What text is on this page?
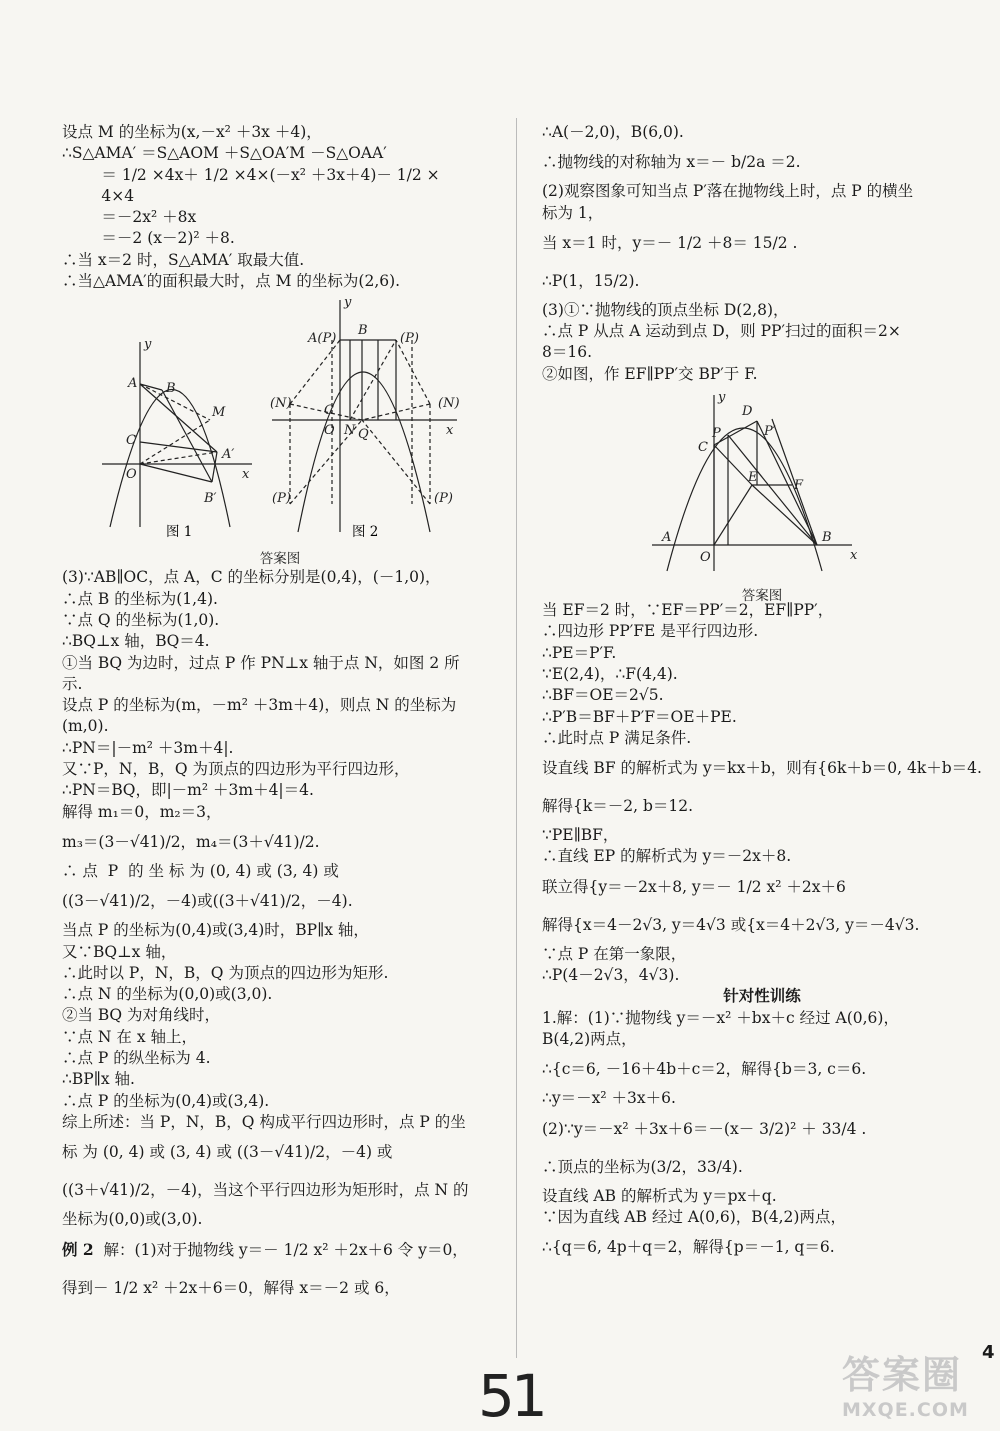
设点 M 的坐标为(x,－x² ＋3x ＋4)，
∴S△AMA′ ＝S△AOM ＋S△OA′M －S△OAA′
＝ 1/2 ×4x＋ 1/2 ×4×(－x² ＋3x＋4)－ 1/2 ×
4×4
＝－2x² ＋8x
＝－2 (x－2)² ＋8.
∴当 x＝2 时，S△AMA′ 取最大值.
∴当△AMA′的面积最大时，点 M 的坐标为(2,6).
y
A B
M
C
O
A′
x
B′
y
A(P)
B
(P)
(N)	(N)
C
O N Q	x
(P)	(P)
图 1	图 2
答案图
(3)∵AB∥OC，点 A，C 的坐标分别是(0,4)，(－1,0)，
∴点 B 的坐标为(1,4).
∵点 Q 的坐标为(1,0).
∴BQ⊥x 轴，BQ＝4.
①当 BQ 为边时，过点 P 作 PN⊥x 轴于点 N，如图 2 所
示.
设点 P 的坐标为(m，－m² ＋3m＋4)，则点 N 的坐标为
(m,0).
∴PN＝|－m² ＋3m＋4|.
又∵P，N，B，Q 为顶点的四边形为平行四边形，
∴PN＝BQ，即|－m² ＋3m＋4|＝4.
解得 m₁＝0，m₂＝3，
m₃＝(3－√41)/2，m₄＝(3＋√41)/2.
∴ 点  P  的 坐 标 为 (0, 4) 或 (3, 4) 或
((3－√41)/2，－4)或((3＋√41)/2，－4).
当点 P 的坐标为(0,4)或(3,4)时，BP∥x 轴，
又∵BQ⊥x 轴，
∴此时以 P，N，B，Q 为顶点的四边形为矩形.
∴点 N 的坐标为(0,0)或(3,0).
②当 BQ 为对角线时，
∵点 N 在 x 轴上，
∴点 P 的纵坐标为 4.
∴BP∥x 轴.
∴点 P 的坐标为(0,4)或(3,4).
综上所述：当 P，N，B，Q 构成平行四边形时，点 P 的坐
标 为 (0, 4) 或 (3, 4) 或 ((3－√41)/2，－4) 或
((3＋√41)/2，－4)，当这个平行四边形为矩形时，点 N 的
坐标为(0,0)或(3,0).
例 2  解：(1)对于抛物线 y＝－ 1/2 x² ＋2x＋6 令 y＝0，
得到－ 1/2 x² ＋2x＋6＝0，解得 x＝－2 或 6，
∴A(－2,0)，B(6,0).
∴抛物线的对称轴为 x＝－ b/2a ＝2.
(2)观察图象可知当点 P′落在抛物线上时，点 P 的横坐
标为 1，
当 x＝1 时，y＝－ 1/2 ＋8＝ 15/2 .
∴P(1，15/2).
(3)①∵抛物线的顶点坐标 D(2,8)，
∴点 P 从点 A 运动到点 D，则 PP′扫过的面积＝2×
8＝16.
②如图，作 EF∥PP′交 BP′于 F.
y
D
P	P′
C
E
F
A
O
B
x
答案图
当 EF＝2 时，∵EF＝PP′＝2，EF∥PP′，
∴四边形 PP′FE 是平行四边形.
∴PE＝P′F.
∵E(2,4)，∴F(4,4).
∴BF＝OE＝2√5.
∴P′B＝BF＋P′F＝OE＋PE.
∴此时点 P 满足条件.
设直线 BF 的解析式为 y＝kx＋b，则有{6k＋b＝0, 4k＋b＝4.
解得{k＝－2, b＝12.
∵PE∥BF，
∴直线 EP 的解析式为 y＝－2x＋8.
联立得{y＝－2x＋8, y＝－ 1/2 x² ＋2x＋6
解得{x＝4－2√3, y＝4√3 或{x＝4＋2√3, y＝－4√3.
∵点 P 在第一象限，
∴P(4－2√3，4√3).
针对性训练
1.解：(1)∵抛物线 y＝－x² ＋bx＋c 经过 A(0,6)，
B(4,2)两点，
∴{c＝6, －16＋4b＋c＝2，解得{b＝3, c＝6.
∴y＝－x² ＋3x＋6.
(2)∵y＝－x² ＋3x＋6＝－(x－ 3/2)² ＋ 33/4 .
∴顶点的坐标为(3/2，33/4).
设直线 AB 的解析式为 y＝px＋q.
∵因为直线 AB 经过 A(0,6)，B(4,2)两点，
∴{q＝6, 4p＋q＝2，解得{p＝－1, q＝6.
51
4
答案圈
MXQE.COM
